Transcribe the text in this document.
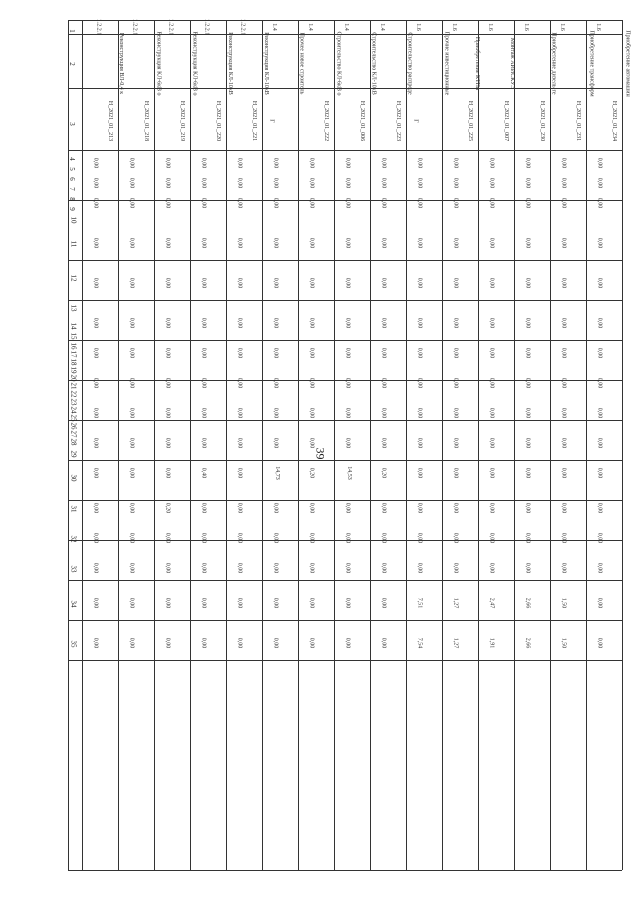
39
1
2
3
4
5
6
7
8
9
10
11
12
13
14
15
16
17
18
19
20
21
22
23
24
25
26
27
28
29
30
31
32
33
34
35
1.2.2.1
Реконструкция ВЛ-0,4 к
Н_2021_01_213
0,00
0,00
0,00
0,00
0,00
0,00
0,00
0,00
0,00
0,00
0,00
0,00
0,00
0,00
0,00
0,00
1.2.2.1
Реконструкция КЛ-6кВ о
Н_2021_01_218
0,00
0,00
0,00
0,00
0,00
0,00
0,00
0,00
0,00
0,00
0,00
0,00
0,00
0,00
0,00
0,00
1.2.2.1
Реконструкция КЛ-6кВ о
Н_2021_01_219
0,00
0,00
0,00
0,00
0,00
0,00
0,00
0,00
0,00
0,00
0,00
0,20
0,00
0,00
0,00
0,00
1.2.2.1
Реконструкция КЛ-10кВ
Н_2021_01_220
0,00
0,00
0,00
0,00
0,00
0,00
0,00
0,00
0,00
0,00
0,40
0,00
0,00
0,00
0,00
0,00
1.2.2.1
Реконструкция КЛ-10кВ
Н_2021_01_221
0,00
0,00
0,00
0,00
0,00
0,00
0,00
0,00
0,00
0,00
0,00
0,00
0,00
0,00
0,00
0,00
1.4
Прочее новое строитель
Г
0,00
0,00
0,00
0,00
0,00
0,00
0,00
0,00
0,00
0,00
14,73
0,00
0,00
0,00
0,00
0,00
1.4
Строительство КЛ-6кВ о
Н_2021_01_222
0,00
0,00
0,00
0,00
0,00
0,00
0,00
0,00
0,00
0,00
0,20
0,00
0,00
0,00
0,00
0,00
1.4
Строительство КЛ-10кВ
Н_2021_01_006
0,00
0,00
0,00
0,00
0,00
0,00
0,00
0,00
0,00
0,00
14,53
0,00
0,00
0,00
0,00
0,00
1.4
Строительство распреде
Н_2021_01_223
0,00
0,00
0,00
0,00
0,00
0,00
0,00
0,00
0,00
0,00
0,20
0,00
0,00
0,00
0,00
0,00
1.6
Прочие инвестиционные
Г
0,00
0,00
0,00
0,00
0,00
0,00
0,00
0,00
0,00
0,00
0,00
0,00
0,00
0,00
7,51
7,54
1.6
Приобретение КТПн
Н_2021_01_225
0,00
0,00
0,00
0,00
0,00
0,00
0,00
0,00
0,00
0,00
0,00
0,00
0,00
0,00
1,27
1,27
1.6
Монтаж АИИСКУЭ
Н_2021_01_007
0,00
0,00
0,00
0,00
0,00
0,00
0,00
0,00
0,00
0,00
0,00
0,00
0,00
0,00
2,47
1,91
1.6
Приобретение дизель-ге
Н_2021_01_230
0,00
0,00
0,00
0,00
0,00
0,00
0,00
0,00
0,00
0,00
0,00
0,00
0,00
0,00
2,66
2,66
1.6
Приобретение трансформ
Н_2021_01_231
0,00
0,00
0,00
0,00
0,00
0,00
0,00
0,00
0,00
0,00
0,00
0,00
0,00
0,00
1,50
1,50
1.6
Приобретение автомашин
Н_2021_01_234
0,00
0,00
0,00
0,00
0,00
0,00
0,00
0,00
0,00
0,00
0,00
0,00
0,00
0,00
0,00
0,00
